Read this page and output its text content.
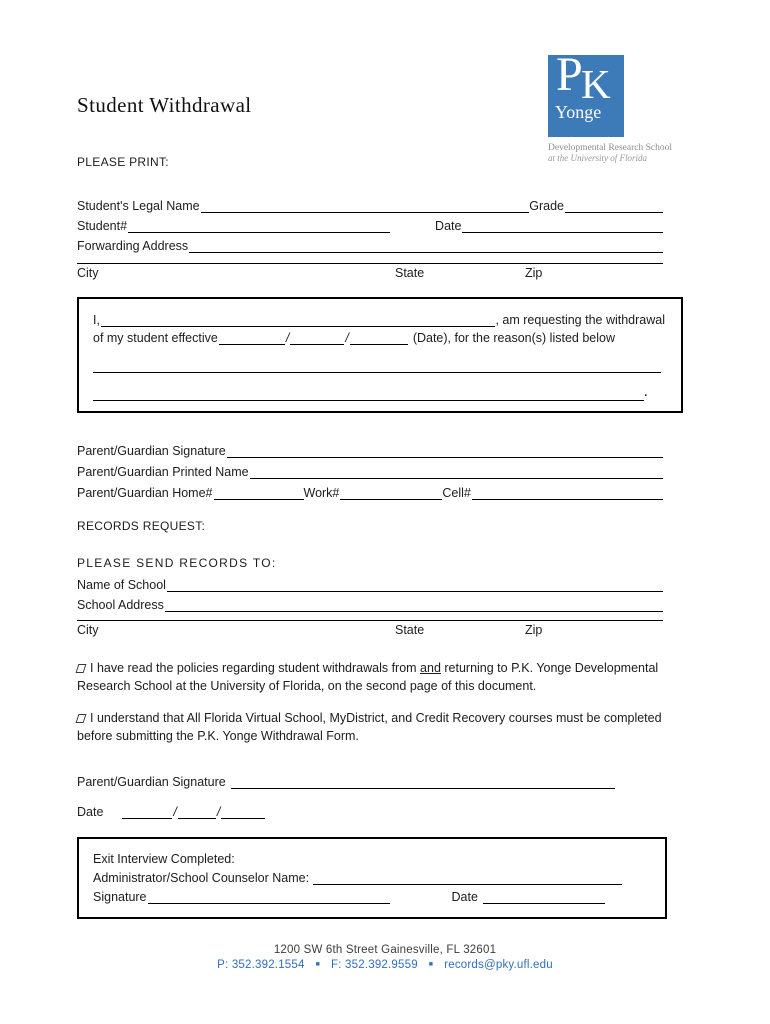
P
K
Yonge
Developmental Research School
at the University of Florida
Student Withdrawal
PLEASE PRINT:
Student's Legal Name	Grade
Student#	Date
Forwarding Address
City	State	Zip
I,	, am requesting the withdrawal
of my student effective	/	/	(Date), for the reason(s) listed below
.
Parent/Guardian Signature
Parent/Guardian Printed Name
Parent/Guardian Home#	Work#	Cell#
RECORDS REQUEST:
PLEASE SEND RECORDS TO:
Name of School
School Address
City	State	Zip

I have read the policies regarding student withdrawals from and returning to P.K. Yonge Developmental Research School at the University of Florida, on the second page of this document.

I understand that All Florida Virtual School, MyDistrict, and Credit Recovery courses must be completed before submitting the P.K. Yonge Withdrawal Form.

Parent/Guardian Signature
Date	/	/
Exit Interview Completed:
Administrator/School Counselor Name:
Signature	Date
1200 SW 6th Street Gainesville, FL 32601
P: 352.392.1554 ■ F: 352.392.9559 ■ records@pky.ufl.edu
